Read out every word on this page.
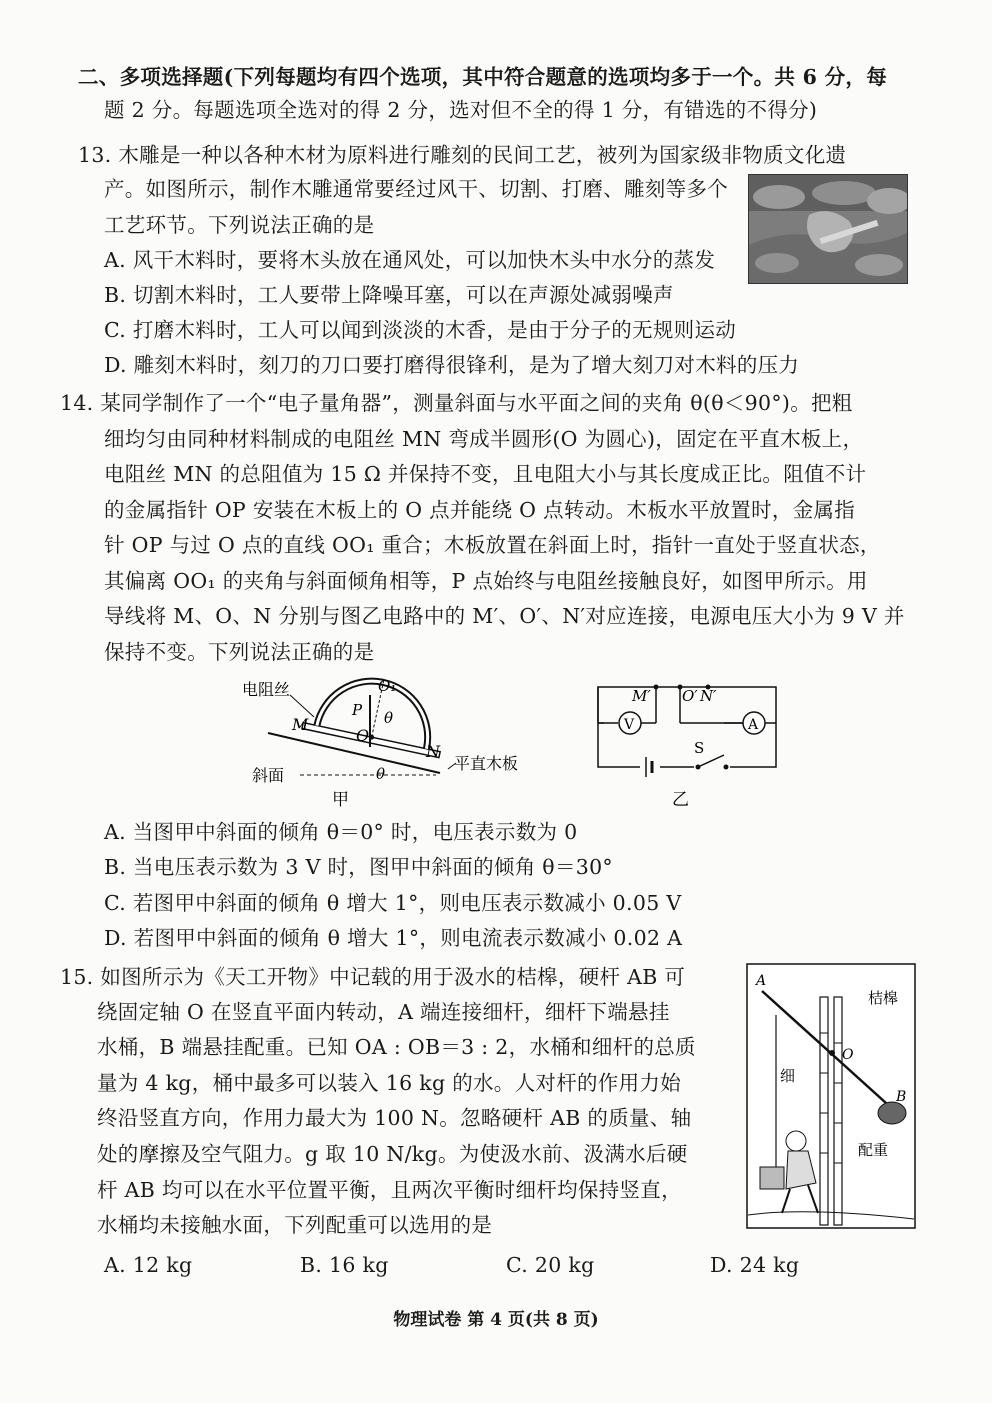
二、多项选择题(下列每题均有四个选项，其中符合题意的选项均多于一个。共 6 分，每
题 2 分。每题选项全选对的得 2 分，选对但不全的得 1 分，有错选的不得分)
13. 木雕是一种以各种木材为原料进行雕刻的民间工艺，被列为国家级非物质文化遗
产。如图所示，制作木雕通常要经过风干、切割、打磨、雕刻等多个
工艺环节。下列说法正确的是
A. 风干木料时，要将木头放在通风处，可以加快木头中水分的蒸发
B. 切割木料时，工人要带上降噪耳塞，可以在声源处减弱噪声
C. 打磨木料时，工人可以闻到淡淡的木香，是由于分子的无规则运动
D. 雕刻木料时，刻刀的刀口要打磨得很锋利，是为了增大刻刀对木料的压力
14. 某同学制作了一个“电子量角器”，测量斜面与水平面之间的夹角 θ(θ＜90°)。把粗
细均匀由同种材料制成的电阻丝 MN 弯成半圆形(O 为圆心)，固定在平直木板上，
电阻丝 MN 的总阻值为 15 Ω 并保持不变，且电阻大小与其长度成正比。阻值不计
的金属指针 OP 安装在木板上的 O 点并能绕 O 点转动。木板水平放置时，金属指
针 OP 与过 O 点的直线 OO₁ 重合；木板放置在斜面上时，指针一直处于竖直状态，
其偏离 OO₁ 的夹角与斜面倾角相等，P 点始终与电阻丝接触良好，如图甲所示。用
导线将 M、O、N 分别与图乙电路中的 M′、O′、N′对应连接，电源电压大小为 9 V 并
保持不变。下列说法正确的是
电阻丝
M
N
O
O₁
P θ
θ
斜面
平直木板
甲
V	A
M′ O′ N′
S
乙
A. 当图甲中斜面的倾角 θ＝0° 时，电压表示数为 0
B. 当电压表示数为 3 V 时，图甲中斜面的倾角 θ＝30°
C. 若图甲中斜面的倾角 θ 增大 1°，则电压表示数减小 0.05 V
D. 若图甲中斜面的倾角 θ 增大 1°，则电流表示数减小 0.02 A
15. 如图所示为《天工开物》中记载的用于汲水的桔槔，硬杆 AB 可
绕固定轴 O 在竖直平面内转动，A 端连接细杆，细杆下端悬挂
水桶，B 端悬挂配重。已知 OA : OB＝3 : 2，水桶和细杆的总质
量为 4 kg，桶中最多可以装入 16 kg 的水。人对杆的作用力始
终沿竖直方向，作用力最大为 100 N。忽略硬杆 AB 的质量、轴
处的摩擦及空气阻力。g 取 10 N/kg。为使汲水前、汲满水后硬
杆 AB 均可以在水平位置平衡，且两次平衡时细杆均保持竖直，
水桶均未接触水面，下列配重可以选用的是
A. 12 kg	B. 16 kg	C. 20 kg	D. 24 kg
桔槔
A
O
B
细
配重
物理试卷 第 4 页(共 8 页)
